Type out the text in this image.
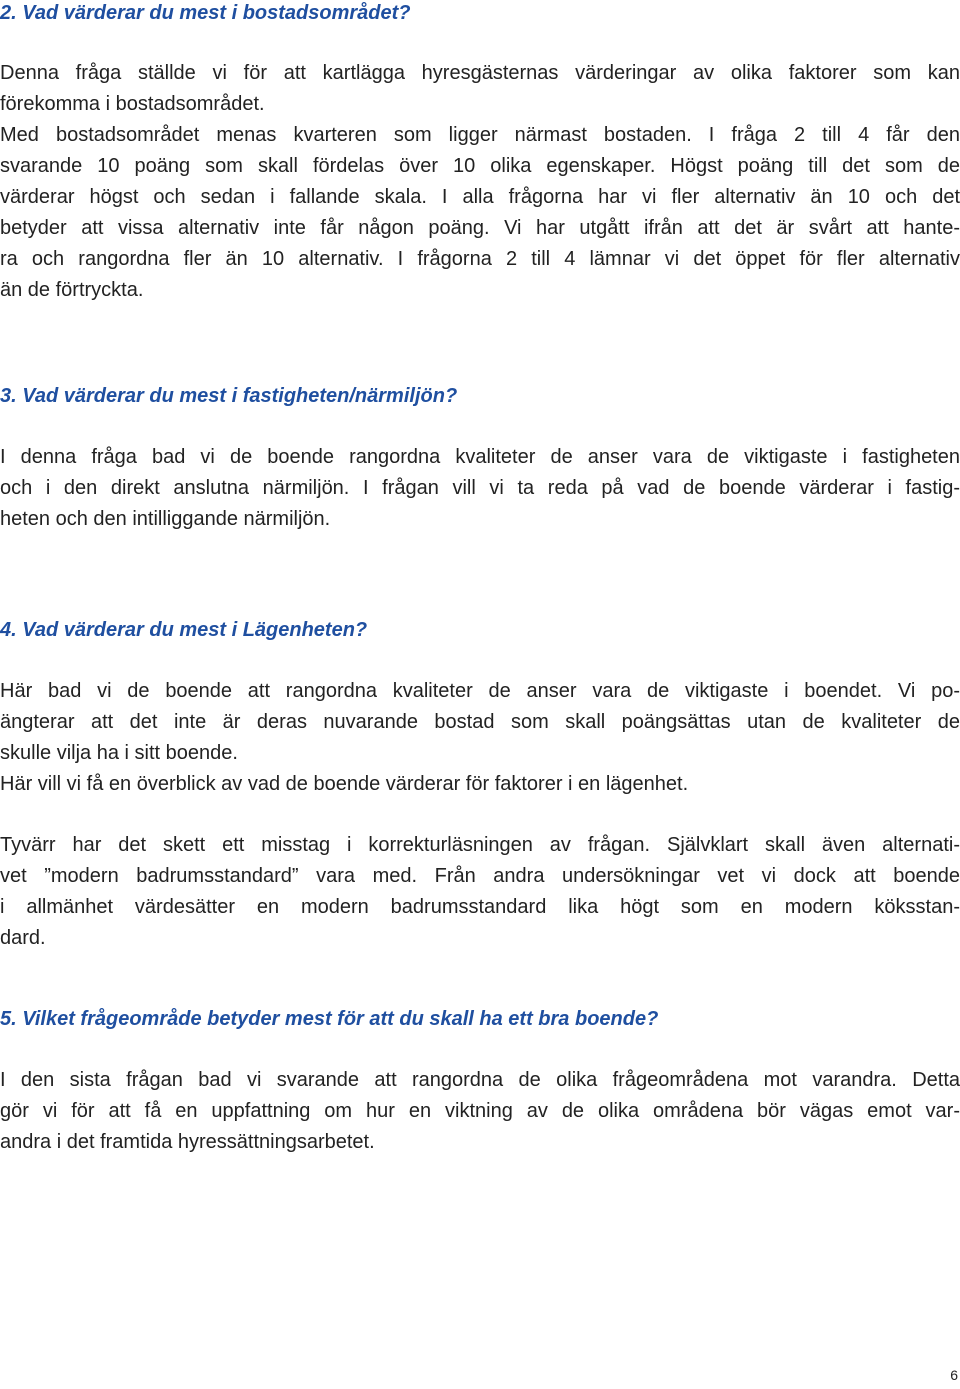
2. Vad värderar du mest i bostadsområdet?
Denna fråga ställde vi för att kartlägga hyresgästernas värderingar av olika faktorer som kan
förekomma i bostadsområdet.
Med bostadsområdet menas kvarteren som ligger närmast bostaden. I fråga 2 till 4 får den
svarande 10 poäng som skall fördelas över 10 olika egenskaper. Högst poäng till det som de
värderar högst och sedan i fallande skala. I alla frågorna har vi fler alternativ än 10 och det
betyder att vissa alternativ inte får någon poäng. Vi har utgått ifrån att det är svårt att hante-
ra och rangordna fler än 10 alternativ. I frågorna 2 till 4 lämnar vi det öppet för fler alternativ
än de förtryckta.
3. Vad värderar du mest i fastigheten/närmiljön?
I denna fråga bad vi de boende rangordna kvaliteter de anser vara de viktigaste i fastigheten
och i den direkt anslutna närmiljön. I frågan vill vi ta reda på vad de boende värderar i fastig-
heten och den intilliggande närmiljön.
4. Vad värderar du mest i Lägenheten?
Här bad vi de boende att rangordna kvaliteter de anser vara de viktigaste i boendet. Vi po-
ängterar att det inte är deras nuvarande bostad som skall poängsättas utan de kvaliteter de
skulle vilja ha i sitt boende.
Här vill vi få en överblick av vad de boende värderar för faktorer i en lägenhet.
Tyvärr har det skett ett misstag i korrekturläsningen av frågan. Självklart skall även alternati-
vet ”modern badrumsstandard” vara med. Från andra undersökningar vet vi dock att boende
i allmänhet värdesätter en modern badrumsstandard lika högt som en modern köksstan-
dard.
5. Vilket frågeområde betyder mest för att du skall ha ett bra boende?
I den sista frågan bad vi svarande att rangordna de olika frågeområdena mot varandra. Detta
gör vi för att få en uppfattning om hur en viktning av de olika områdena bör vägas emot var-
andra i det framtida hyressättningsarbetet.
6
